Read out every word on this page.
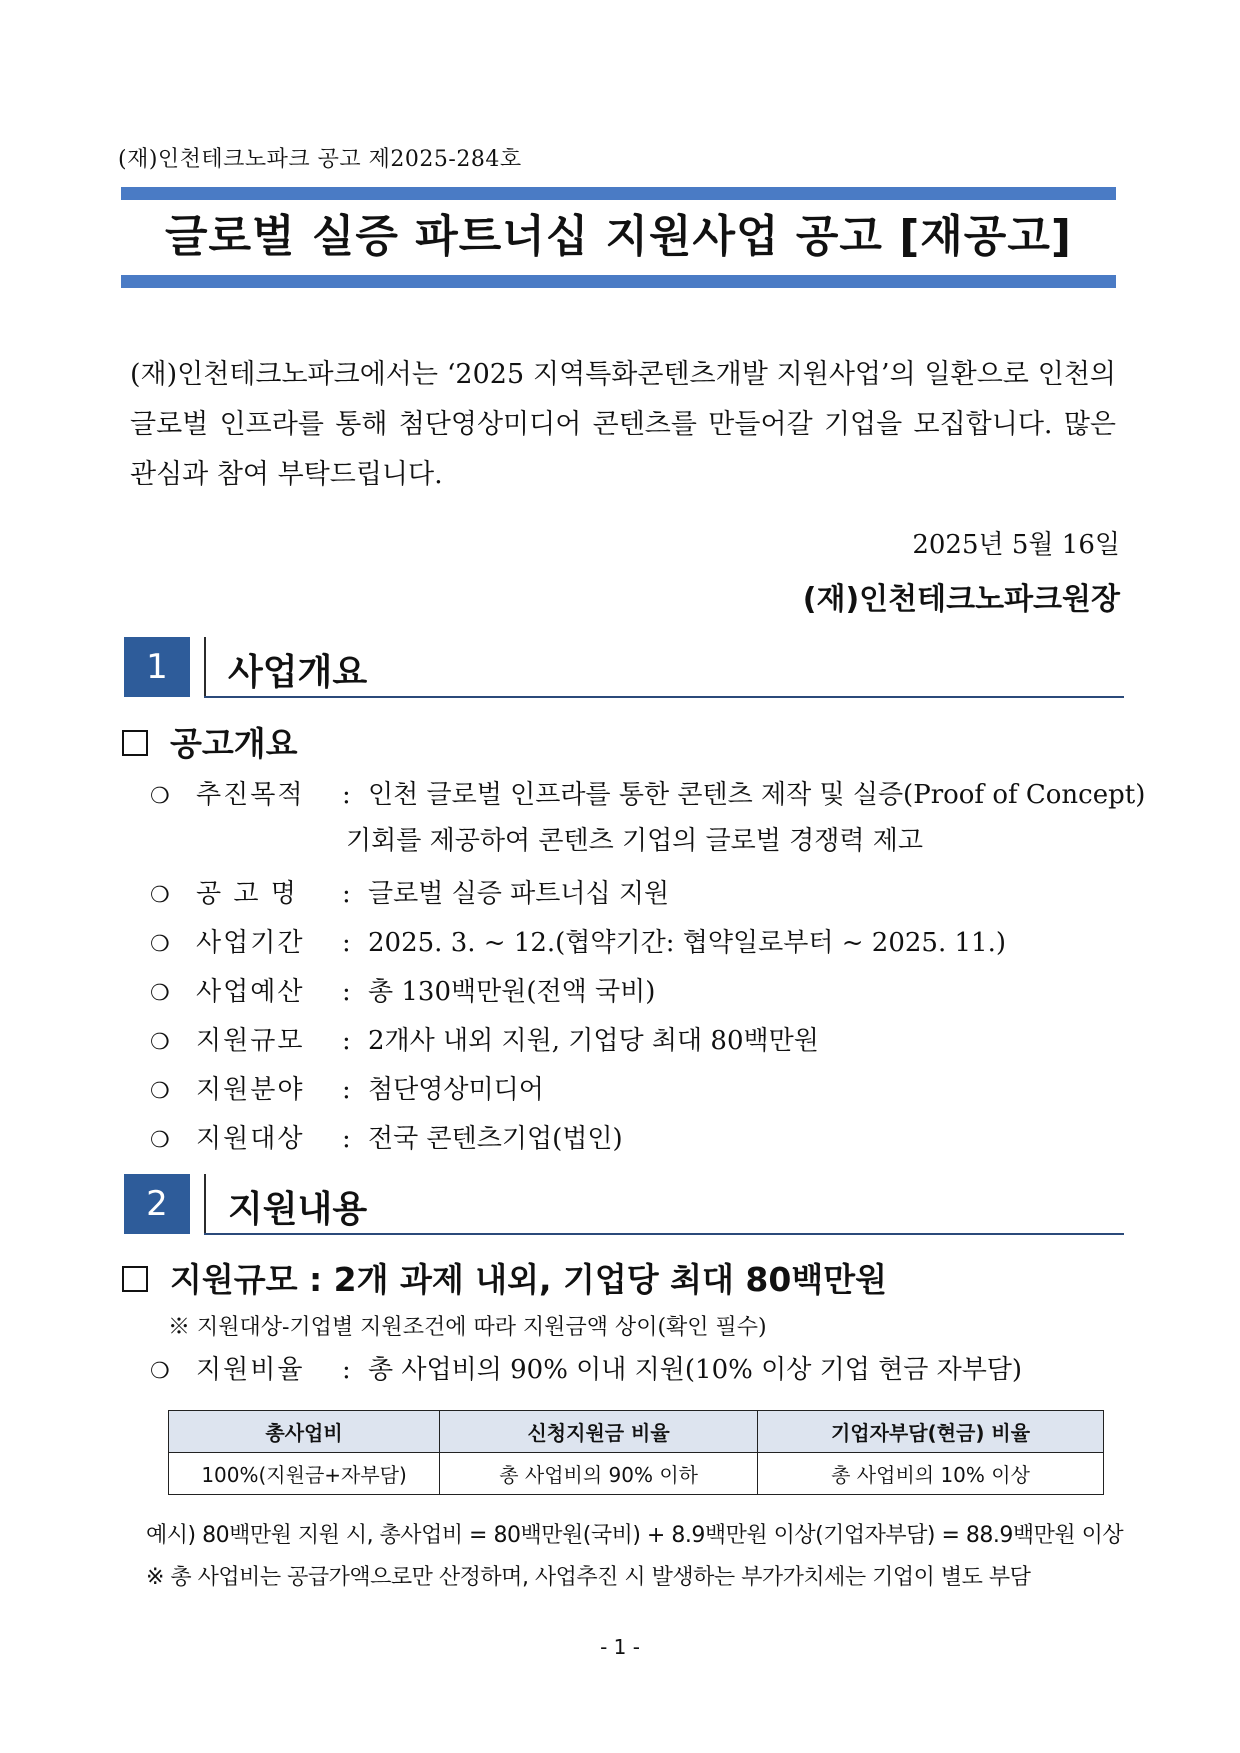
(재)인천테크노파크 공고 제2025-284호
글로벌 실증 파트너십 지원사업 공고 [재공고]
(재)인천테크노파크에서는 ‘2025 지역특화콘텐츠개발 지원사업’의 일환으로 인천의 글로벌 인프라를 통해 첨단영상미디어 콘텐츠를 만들어갈 기업을 모집합니다. 많은 관심과 참여 부탁드립니다.
2025년 5월 16일
(재)인천테크노파크원장
1	사업개요
공고개요
❍ 추진목적 : 인천 글로벌 인프라를 통한 콘텐츠 제작 및 실증(Proof of Concept)
기회를 제공하여 콘텐츠 기업의 글로벌 경쟁력 제고
❍ 공 고 명 : 글로벌 실증 파트너십 지원
❍ 사업기간 : 2025. 3. ~ 12.(협약기간: 협약일로부터 ~ 2025. 11.)
❍ 사업예산 : 총 130백만원(전액 국비)
❍ 지원규모 : 2개사 내외 지원, 기업당 최대 80백만원
❍ 지원분야 : 첨단영상미디어
❍ 지원대상 : 전국 콘텐츠기업(법인)
2	지원내용
지원규모 : 2개 과제 내외, 기업당 최대 80백만원
※ 지원대상-기업별 지원조건에 따라 지원금액 상이(확인 필수)
❍ 지원비율 : 총 사업비의 90% 이내 지원(10% 이상 기업 현금 자부담)
총사업비	신청지원금 비율	기업자부담(현금) 비율
100%(지원금+자부담)	총 사업비의 90% 이하	총 사업비의 10% 이상
예시) 80백만원 지원 시, 총사업비 = 80백만원(국비) + 8.9백만원 이상(기업자부담) = 88.9백만원 이상
※ 총 사업비는 공급가액으로만 산정하며, 사업추진 시 발생하는 부가가치세는 기업이 별도 부담
- 1 -
